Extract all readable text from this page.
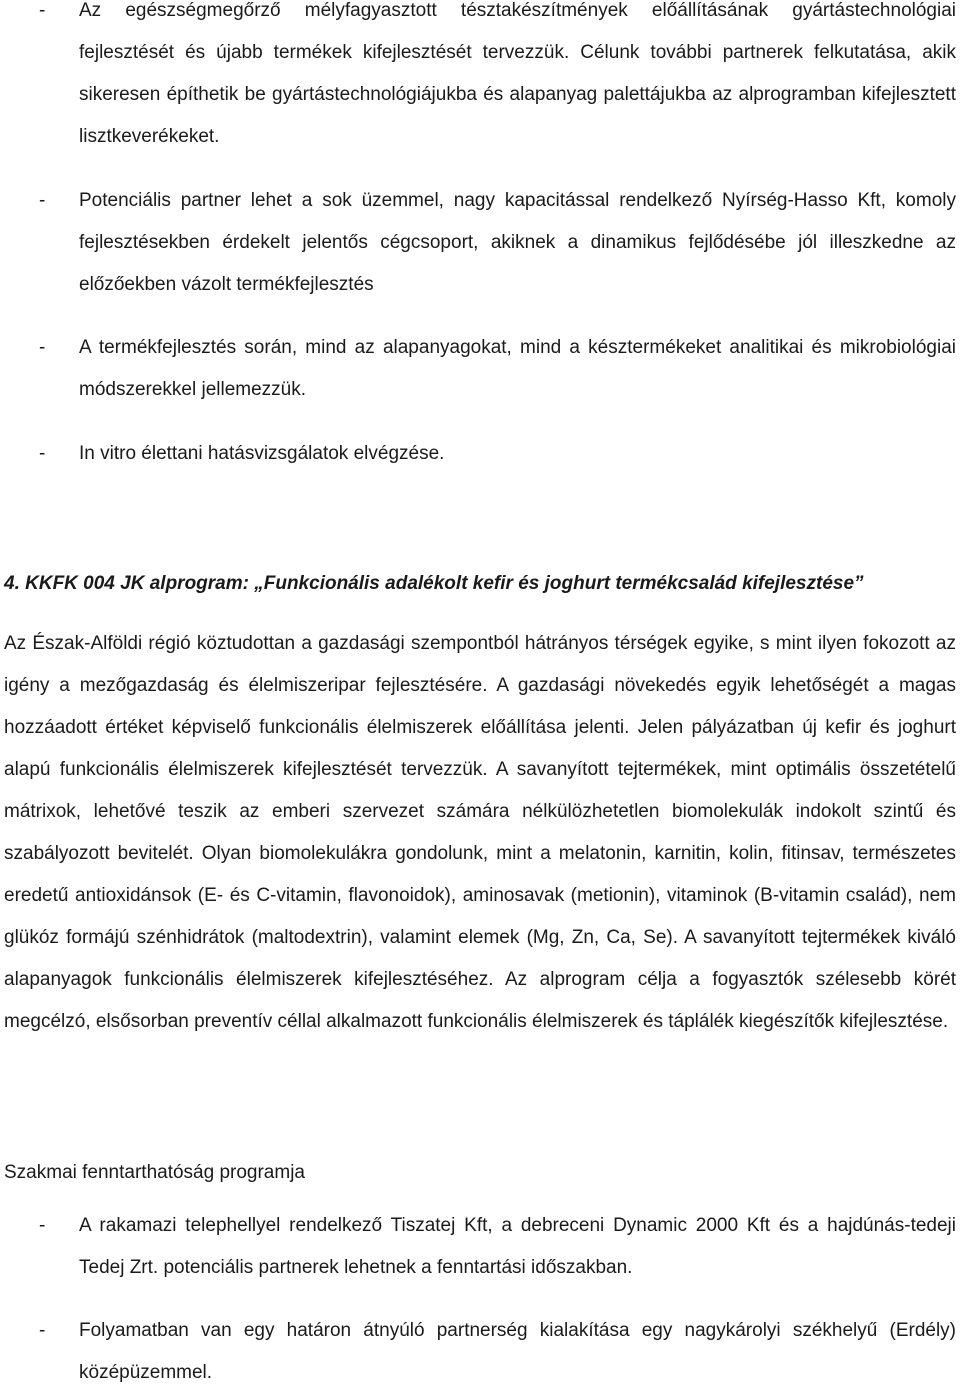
-	Az egészségmegőrző mélyfagyasztott tésztakészítmények előállításának gyártástechnológiai fejlesztését és újabb termékek kifejlesztését tervezzük. Célunk további partnerek felkutatása, akik sikeresen építhetik be gyártástechnológiájukba és alapanyag palettájukba az alprogramban kifejlesztett lisztkeverékeket.
-	Potenciális partner lehet a sok üzemmel, nagy kapacitással rendelkező Nyírség-Hasso Kft, komoly fejlesztésekben érdekelt jelentős cégcsoport, akiknek a dinamikus fejlődésébe jól illeszkedne az előzőekben vázolt termékfejlesztés
-	A termékfejlesztés során, mind az alapanyagokat, mind a késztermékeket analitikai és mikrobiológiai módszerekkel jellemezzük.
-	In vitro élettani hatásvizsgálatok elvégzése.
4. KKFK 004 JK alprogram: „Funkcionális adalékolt kefir és joghurt termékcsalád kifejlesztése”
Az Észak-Alföldi régió köztudottan a gazdasági szempontból hátrányos térségek egyike, s mint ilyen fokozott az igény a mezőgazdaság és élelmiszeripar fejlesztésére. A gazdasági növekedés egyik lehetőségét a magas hozzáadott értéket képviselő funkcionális élelmiszerek előállítása jelenti. Jelen pályázatban új kefir és joghurt alapú funkcionális élelmiszerek kifejlesztését tervezzük. A savanyított tejtermékek, mint optimális összetételű mátrixok, lehetővé teszik az emberi szervezet számára nélkülözhetetlen biomolekulák indokolt szintű és szabályozott bevitelét. Olyan biomolekulákra gondolunk, mint a melatonin, karnitin, kolin, fitinsav, természetes eredetű antioxidánsok (E- és C-vitamin, flavonoidok), aminosavak (metionin), vitaminok (B-vitamin család), nem glükóz formájú szénhidrátok (maltodextrin), valamint elemek (Mg, Zn, Ca, Se). A savanyított tejtermékek kiváló alapanyagok funkcionális élelmiszerek kifejlesztéséhez. Az alprogram célja a fogyasztók szélesebb körét megcélzó, elsősorban preventív céllal alkalmazott funkcionális élelmiszerek és táplálék kiegészítők kifejlesztése.
Szakmai fenntarthatóság programja
-	A rakamazi telephellyel rendelkező Tiszatej Kft, a debreceni Dynamic 2000 Kft és a hajdúnás-tedeji Tedej Zrt. potenciális partnerek lehetnek a fenntartási időszakban.
-	Folyamatban van egy határon átnyúló partnerség kialakítása egy nagykárolyi székhelyű (Erdély) középüzemmel.
